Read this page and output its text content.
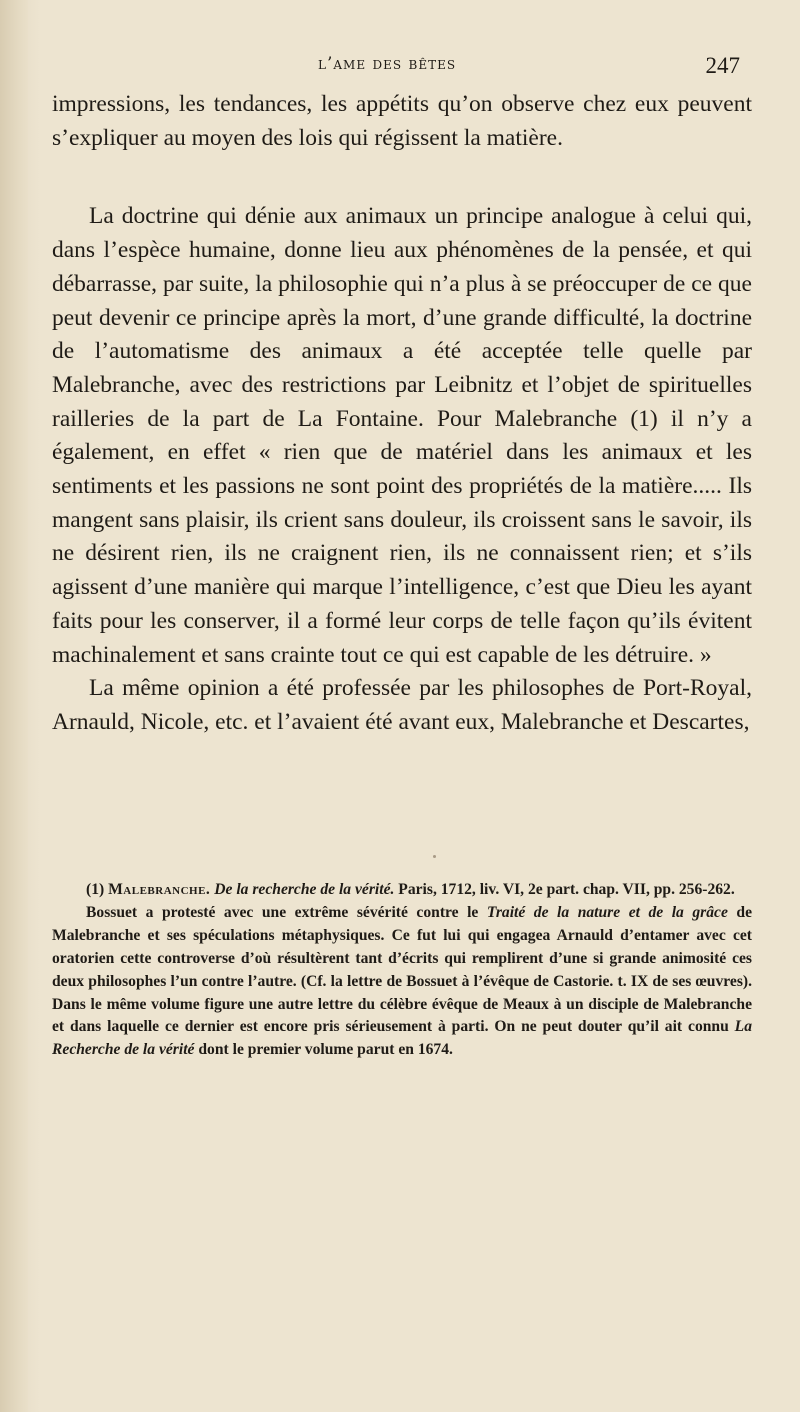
l’ame des bêtes	247

impressions, les tendances, les appétits qu’on observe chez eux peuvent s’expliquer au moyen des lois qui régissent la matière.

La doctrine qui dénie aux animaux un principe analogue à celui qui, dans l’espèce humaine, donne lieu aux phénomènes de la pensée, et qui débarrasse, par suite, la philosophie qui n’a plus à se préoccuper de ce que peut devenir ce principe après la mort, d’une grande difficulté, la doctrine de l’automatisme des animaux a été acceptée telle quelle par Malebranche, avec des restrictions par Leibnitz et l’objet de spirituelles railleries de la part de La Fontaine. Pour Malebranche (1) il n’y a également, en effet « rien que de matériel dans les animaux et les sentiments et les passions ne sont point des propriétés de la matière..... Ils mangent sans plaisir, ils crient sans douleur, ils croissent sans le savoir, ils ne désirent rien, ils ne craignent rien, ils ne connaissent rien; et s’ils agissent d’une manière qui marque l’intelligence, c’est que Dieu les ayant faits pour les conserver, il a formé leur corps de telle façon qu’ils évitent machinalement et sans crainte tout ce qui est capable de les détruire. »

La même opinion a été professée par les philosophes de Port-Royal, Arnauld, Nicole, etc. et l’avaient été avant eux, Malebranche et Descartes,

(1) Malebranche. De la recherche de la vérité. Paris, 1712, liv. VI, 2e part. chap. VII, pp. 256-262.

Bossuet a protesté avec une extrême sévérité contre le Traité de la nature et de la grâce de Malebranche et ses spéculations métaphysiques. Ce fut lui qui engagea Arnauld d’entamer avec cet oratorien cette controverse d’où résultèrent tant d’écrits qui remplirent d’une si grande animosité ces deux philosophes l’un contre l’autre. (Cf. la lettre de Bossuet à l’évêque de Castorie. t. IX de ses œuvres). Dans le même volume figure une autre lettre du célèbre évêque de Meaux à un disciple de Malebranche et dans laquelle ce dernier est encore pris sérieusement à parti. On ne peut douter qu’il ait connu La Recherche de la vérité dont le premier volume parut en 1674.
